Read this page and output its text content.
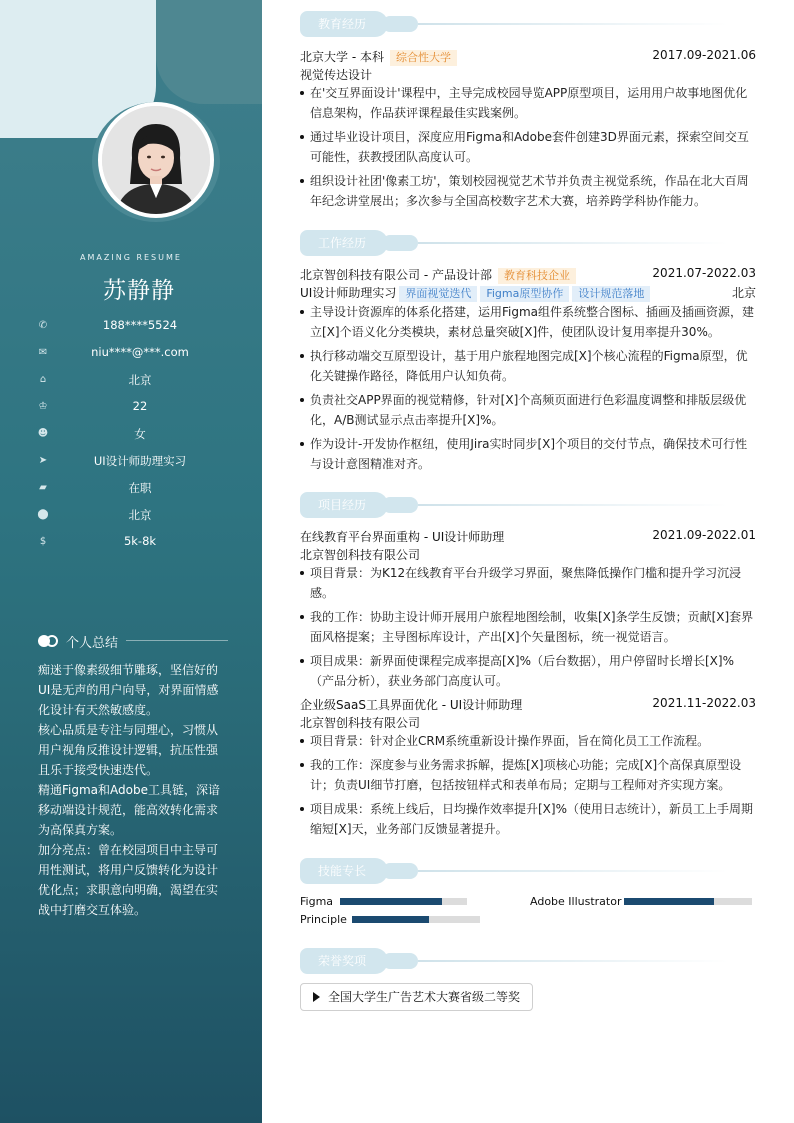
AMAZING RESUME
苏静静
✆	188****5524
✉	niu****@***.com
⌂	北京
♔	22
☻	女
➤	UI设计师助理实习
▰	在职
⬤	北京
$	5k-8k
个人总结

痴迷于像素级细节雕琢，坚信好的UI是无声的用户向导，对界面情感化设计有天然敏感度。

核心品质是专注与同理心，习惯从用户视角反推设计逻辑，抗压性强且乐于接受快速迭代。

精通Figma和Adobe工具链，深谙移动端设计规范，能高效转化需求为高保真方案。

加分亮点：曾在校园项目中主导可用性测试，将用户反馈转化为设计优化点；求职意向明确，渴望在实战中打磨交互体验。

教育经历
北京大学 - 本科 综合性大学	2017.09-2021.06
视觉传达设计
在'交互界面设计'课程中，主导完成校园导览APP原型项目，运用用户故事地图优化信息架构，作品获评课程最佳实践案例。
通过毕业设计项目，深度应用Figma和Adobe套件创建3D界面元素，探索空间交互可能性，获教授团队高度认可。
组织设计社团'像素工坊'，策划校园视觉艺术节并负责主视觉系统，作品在北大百周年纪念讲堂展出；多次参与全国高校数字艺术大赛，培养跨学科协作能力。
工作经历
北京智创科技有限公司 - 产品设计部 教育科技企业	2021.07-2022.03
UI设计师助理实习 界面视觉迭代 Figma原型协作 设计规范落地	北京
主导设计资源库的体系化搭建，运用Figma组件系统整合图标、插画及插画资源，建立[X]个语义化分类模块，素材总量突破[X]件，使团队设计复用率提升30%。
执行移动端交互原型设计，基于用户旅程地图完成[X]个核心流程的Figma原型，优化关键操作路径，降低用户认知负荷。
负责社交APP界面的视觉精修，针对[X]个高频页面进行色彩温度调整和排版层级优化，A/B测试显示点击率提升[X]%。
作为设计-开发协作枢纽，使用Jira实时同步[X]个项目的交付节点，确保技术可行性与设计意图精准对齐。
项目经历
在线教育平台界面重构 - UI设计师助理	2021.09-2022.01
北京智创科技有限公司
项目背景：为K12在线教育平台升级学习界面，聚焦降低操作门槛和提升学习沉浸感。
我的工作：协助主设计师开展用户旅程地图绘制，收集[X]条学生反馈；贡献[X]套界面风格提案；主导图标库设计，产出[X]个矢量图标，统一视觉语言。
项目成果：新界面使课程完成率提高[X]%（后台数据），用户停留时长增长[X]%（产品分析），获业务部门高度认可。
企业级SaaS工具界面优化 - UI设计师助理	2021.11-2022.03
北京智创科技有限公司
项目背景：针对企业CRM系统重新设计操作界面，旨在简化员工工作流程。
我的工作：深度参与业务需求拆解，提炼[X]项核心功能；完成[X]个高保真原型设计；负责UI细节打磨，包括按钮样式和表单布局；定期与工程师对齐实现方案。
项目成果：系统上线后，日均操作效率提升[X]%（使用日志统计），新员工上手周期缩短[X]天，业务部门反馈显著提升。
技能专长
Figma	Adobe Illustrator
Principle
荣誉奖项
全国大学生广告艺术大赛省级二等奖
